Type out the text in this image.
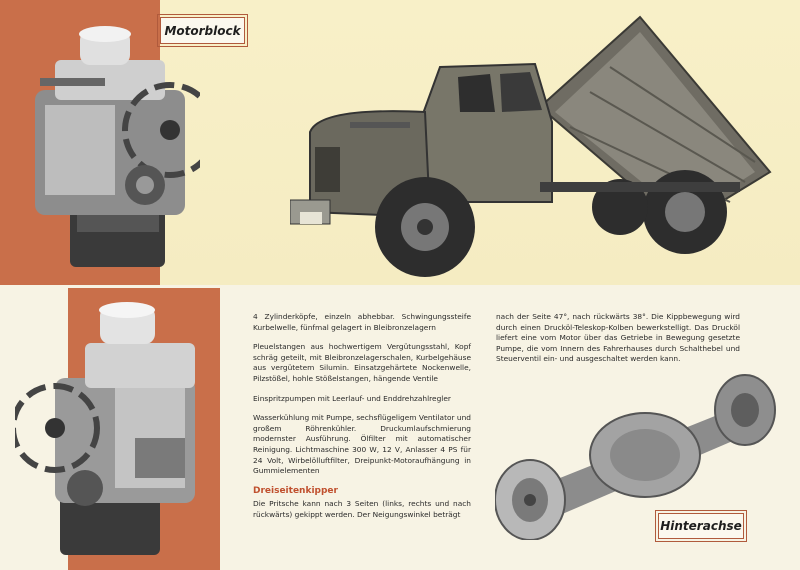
Motorblock
Hinterachse

4 Zylinderköpfe, einzeln abhebbar. Schwingungssteife Kurbelwelle, fünfmal gelagert in Bleibronzelagern

Pleuelstangen aus hochwertigem Vergütungsstahl, Kopf schräg geteilt, mit Bleibronzelagerschalen, Kurbelgehäuse aus vergütetem Silumin. Einsatzgehärtete Nockenwelle, Pilzstößel, hohle Stößelstangen, hängende Ventile

Einspritzpumpen mit Leerlauf- und Enddrehzahlregler

Wasserkühlung mit Pumpe, sechsflügeligem Ventilator und großem Röhrenkühler. Druckumlaufschmierung modernster Ausführung. Ölfilter mit automatischer Reinigung. Lichtmaschine 300 W, 12 V, Anlasser 4 PS für 24 Volt, Wirbelölluftfilter, Dreipunkt-Motoraufhängung in Gummielementen

Dreiseitenkipper

Die Pritsche kann nach 3 Seiten (links, rechts und nach rückwärts) gekippt werden. Der Neigungswinkel beträgt

nach der Seite 47°, nach rückwärts 38°. Die Kippbewegung wird durch einen Drucköl-Teleskop-Kolben bewerkstelligt. Das Drucköl liefert eine vom Motor über das Getriebe in Bewegung gesetzte Pumpe, die vom Innern des Fahrerhauses durch Schalthebel und Steuerventil ein- und ausgeschaltet werden kann.
